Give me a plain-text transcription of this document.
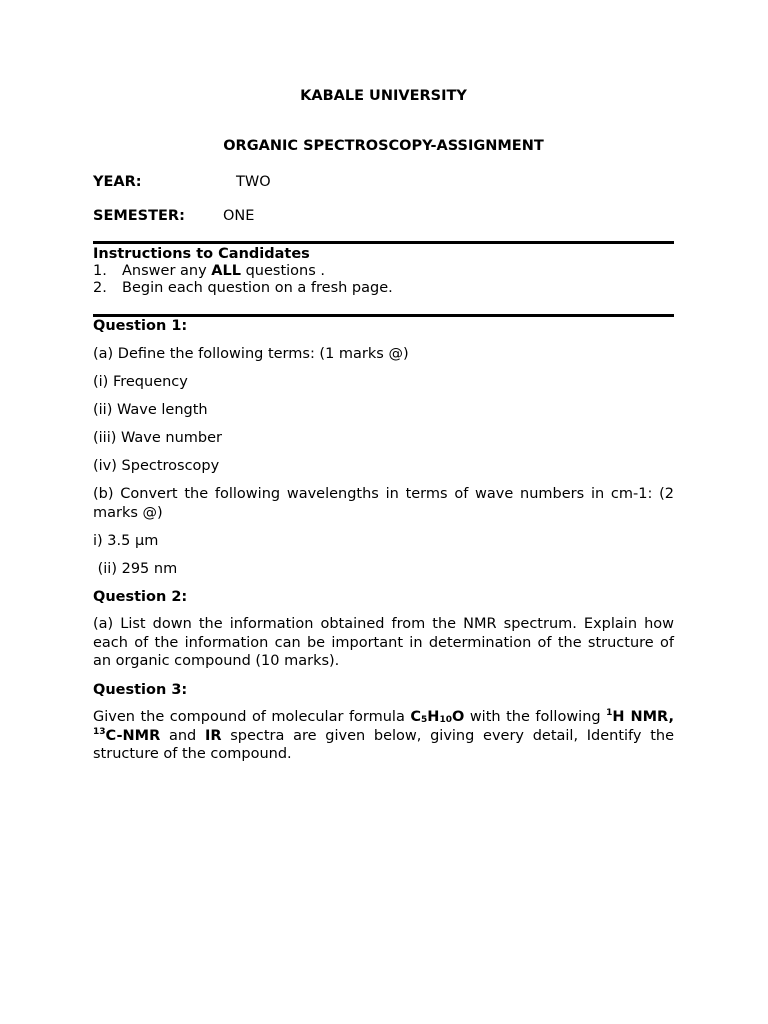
KABALE UNIVERSITY
ORGANIC SPECTROSCOPY-ASSIGNMENT
YEAR:	TWO
SEMESTER:	ONE
Instructions to Candidates
1. Answer any ALL questions .
2. Begin each question on a fresh page.
Question 1:
(a) Define the following terms: (1 marks @)
(i) Frequency
(ii) Wave length
(iii) Wave number
(iv) Spectroscopy
(b) Convert the following wavelengths in terms of wave numbers in cm-1: (2 marks @)
i) 3.5 µm
(ii) 295 nm
Question 2:
(a) List down the information obtained from the NMR spectrum. Explain how each of the information can be important in determination of the structure of an organic compound (10 marks).
Question 3:
Given the compound of molecular formula $C_5H_{10}O$ with the following $^1$H NMR, $^{13}$C-NMR and IR spectra are given below, giving every detail, Identify the structure of the compound.
